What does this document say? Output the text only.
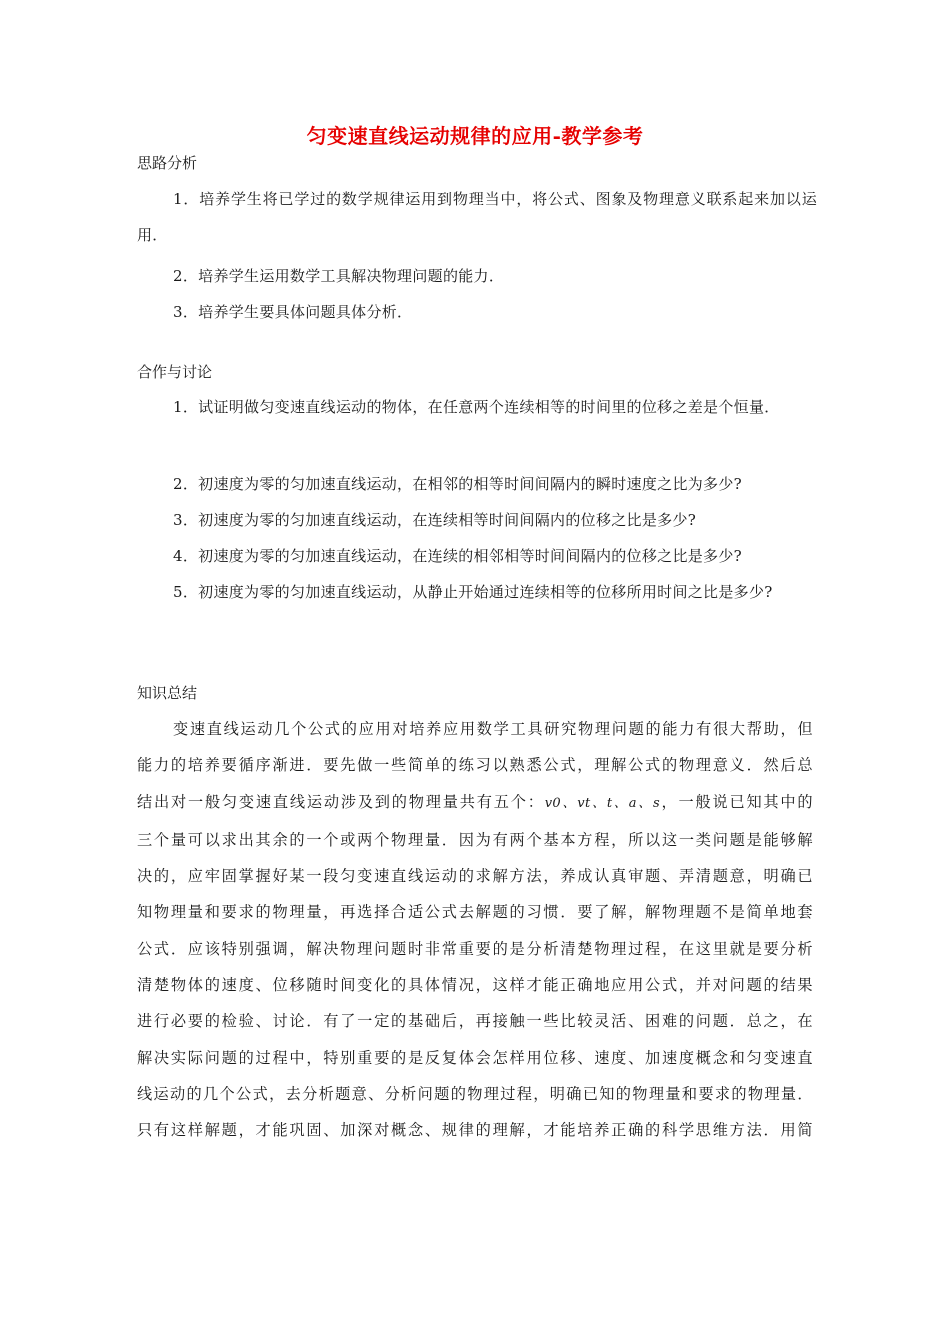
匀变速直线运动规律的应用-教学参考
思路分析
1．培养学生将已学过的数学规律运用到物理当中，将公式、图象及物理意义联系起来加以运用．
2．培养学生运用数学工具解决物理问题的能力．
3．培养学生要具体问题具体分析．
合作与讨论
1．试证明做匀变速直线运动的物体，在任意两个连续相等的时间里的位移之差是个恒量．
2．初速度为零的匀加速直线运动，在相邻的相等时间间隔内的瞬时速度之比为多少?
3．初速度为零的匀加速直线运动，在连续相等时间间隔内的位移之比是多少?
4．初速度为零的匀加速直线运动，在连续的相邻相等时间间隔内的位移之比是多少?
5．初速度为零的匀加速直线运动，从静止开始通过连续相等的位移所用时间之比是多少?
知识总结
变速直线运动几个公式的应用对培养应用数学工具研究物理问题的能力有很大帮助，但
能力的培养要循序渐进．要先做一些简单的练习以熟悉公式，理解公式的物理意义．然后总
结出对一般匀变速直线运动涉及到的物理量共有五个：v0、vt、t、a、s，一般说已知其中的
三个量可以求出其余的一个或两个物理量．因为有两个基本方程，所以这一类问题是能够解
决的，应牢固掌握好某一段匀变速直线运动的求解方法，养成认真审题、弄清题意，明确已
知物理量和要求的物理量，再选择合适公式去解题的习惯．要了解，解物理题不是简单地套
公式．应该特别强调，解决物理问题时非常重要的是分析清楚物理过程，在这里就是要分析
清楚物体的速度、位移随时间变化的具体情况，这样才能正确地应用公式，并对问题的结果
进行必要的检验、讨论．有了一定的基础后，再接触一些比较灵活、困难的问题．总之，在
解决实际问题的过程中，特别重要的是反复体会怎样用位移、速度、加速度概念和匀变速直
线运动的几个公式，去分析题意、分析问题的物理过程，明确已知的物理量和要求的物理量．
只有这样解题，才能巩固、加深对概念、规律的理解，才能培养正确的科学思维方法．用简
